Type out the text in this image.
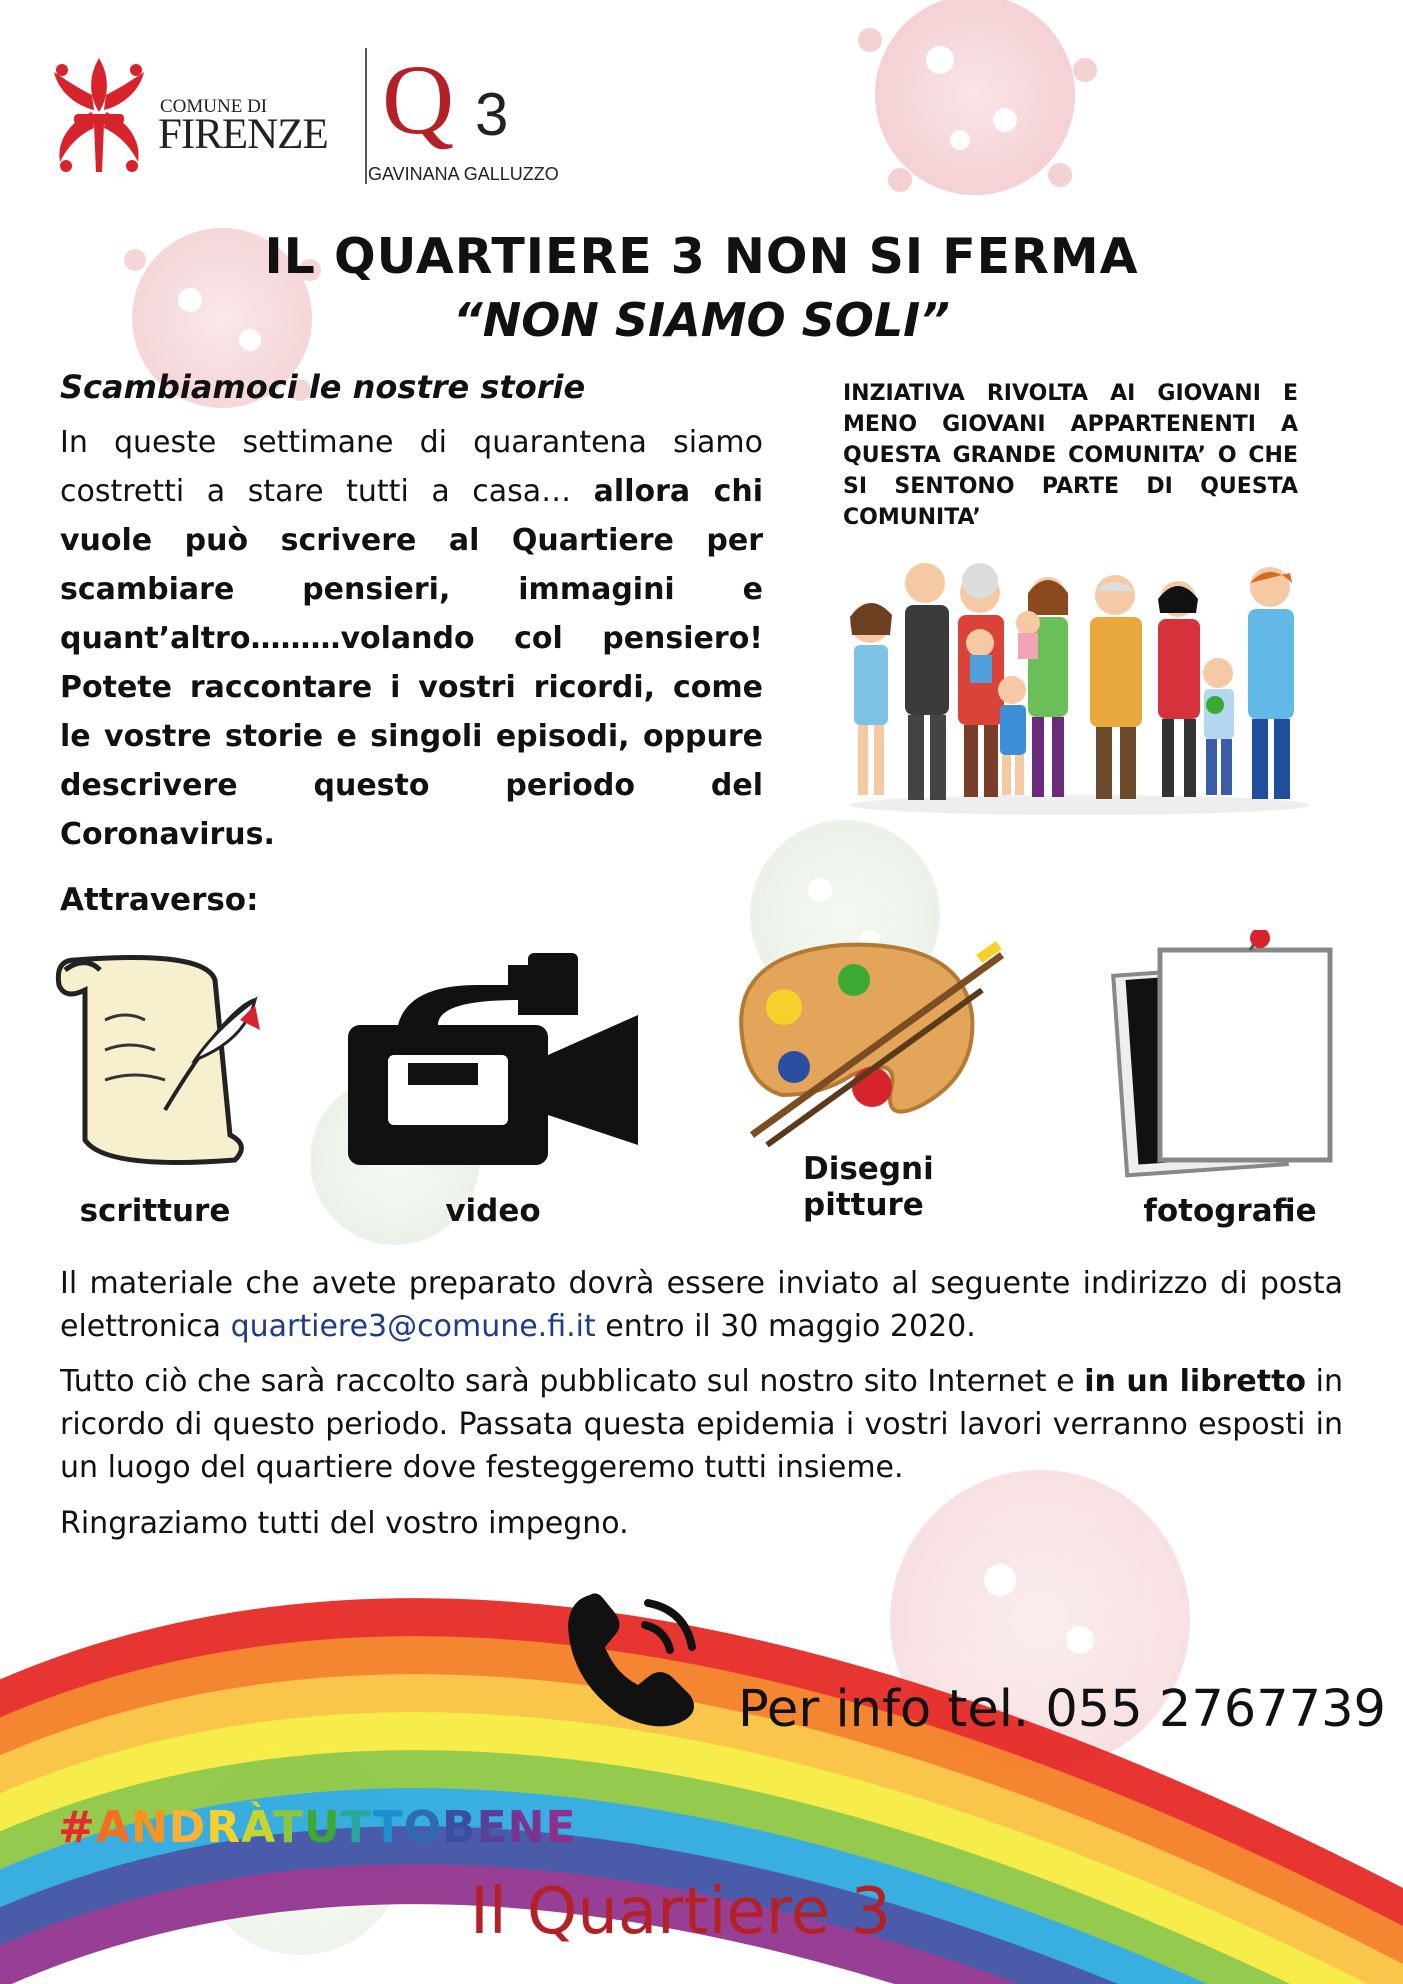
COMUNE DI
FIRENZE Q 3
GAVINANA GALLUZZO
IL QUARTIERE 3 NON SI FERMA
“NON SIAMO SOLI”
Scambiamoci le nostre storie
In queste settimane di quarantena siamo costretti a stare tutti a casa… allora chi vuole può scrivere al Quartiere per scambiare pensieri, immagini e quant’altro………volando col pensiero! Potete raccontare i vostri ricordi, come le vostre storie e singoli episodi, oppure descrivere questo periodo del Coronavirus.
INZIATIVA RIVOLTA AI GIOVANI E MENO GIOVANI APPARTENENTI A QUESTA GRANDE COMUNITA’ O CHE SI SENTONO PARTE DI QUESTA COMUNITA’
Attraverso:
scritture	video
Disegni
pitture	fotografie
Il materiale che avete preparato dovrà essere inviato al seguente indirizzo di posta elettronica quartiere3@comune.fi.it entro il 30 maggio 2020.
Tutto ciò che sarà raccolto sarà pubblicato sul nostro sito Internet e in un libretto in ricordo di questo periodo. Passata questa epidemia i vostri lavori verranno esposti in un luogo del quartiere dove festeggeremo tutti insieme.
Ringraziamo tutti del vostro impegno.
Per info tel. 055 2767739
#ANDRÀTUTTOBENE
Il Quartiere 3
